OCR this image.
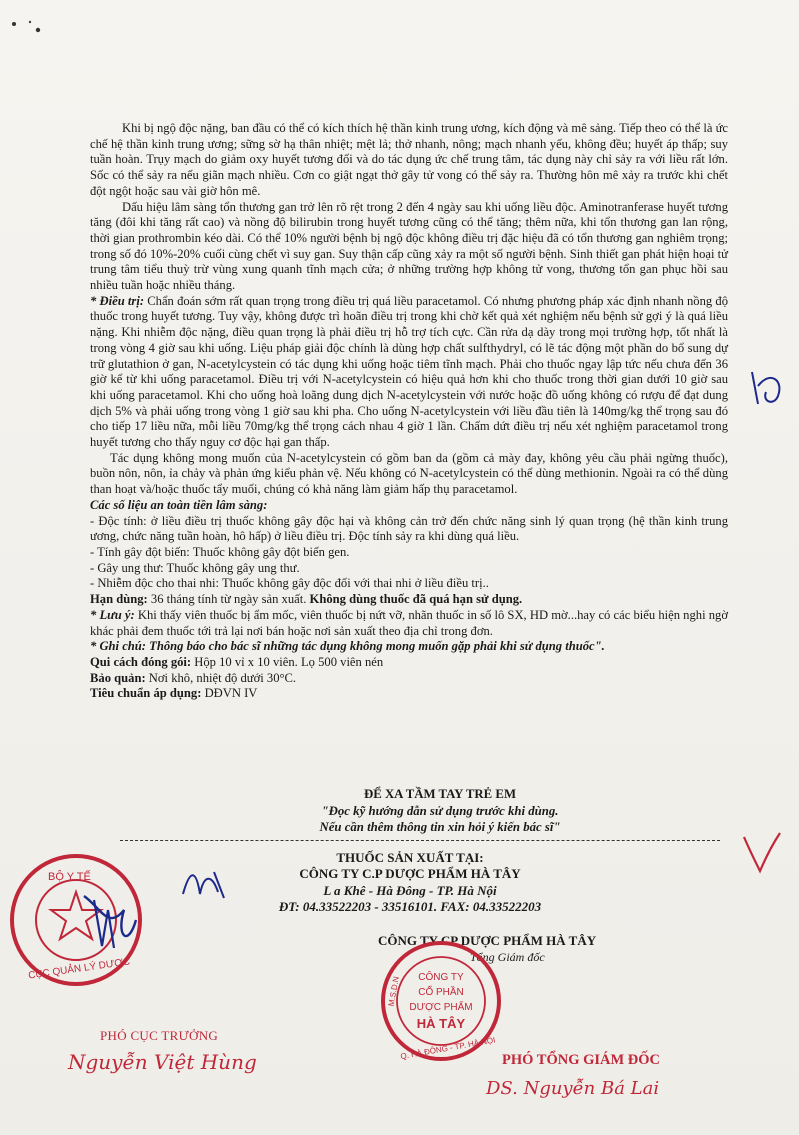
Khi bị ngộ độc nặng, ban đầu có thể có kích thích hệ thần kinh trung ương, kích động và mê sảng. Tiếp theo có thể là ức chế hệ thần kinh trung ương; sững sờ hạ thân nhiệt; mệt lả; thở nhanh, nông; mạch nhanh yếu, không đều; huyết áp thấp; suy tuần hoàn. Trụy mạch do giảm oxy huyết tương đối và do tác dụng ức chế trung tâm, tác dụng này chỉ sảy ra với liều rất lớn. Sốc có thể sảy ra nếu giãn mạch nhiều. Cơn co giật ngạt thở gây tử vong có thể sảy ra. Thường hôn mê xảy ra trước khi chết đột ngột hoặc sau vài giờ hôn mê.

Dấu hiệu lâm sàng tổn thương gan trở lên rõ rệt trong 2 đến 4 ngày sau khi uống liều độc. Aminotranferase huyết tương tăng (đôi khi tăng rất cao) và nồng độ bilirubin trong huyết tương cũng có thể tăng; thêm nữa, khi tổn thương gan lan rộng, thời gian prothrombin kéo dài. Có thể 10% người bệnh bị ngộ độc không điều trị đặc hiệu đã có tổn thương gan nghiêm trọng; trong số đó 10%-20% cuối cùng chết vì suy gan. Suy thận cấp cũng xảy ra một số người bệnh. Sinh thiết gan phát hiện hoại tử trung tâm tiểu thuỳ trừ vùng xung quanh tĩnh mạch cửa; ở những trường hợp không tử vong, thương tổn gan phục hồi sau nhiều tuần hoặc nhiều tháng.

* Điều trị: Chẩn đoán sớm rất quan trọng trong điều trị quá liều paracetamol. Có nhưng phương pháp xác định nhanh nồng độ thuốc trong huyết tương. Tuy vậy, không được trì hoãn điều trị trong khi chờ kết quả xét nghiệm nếu bệnh sử gợi ý là quá liều nặng. Khi nhiễm độc nặng, điều quan trọng là phải điều trị hỗ trợ tích cực. Cần rửa dạ dày trong mọi trường hợp, tốt nhất là trong vòng 4 giờ sau khi uống. Liệu pháp giải độc chính là dùng hợp chất sulfthydryl, có lẽ tác động một phần do bổ sung dự trữ glutathion ở gan, N-acetylcystein có tác dụng khi uống hoặc tiêm tĩnh mạch. Phải cho thuốc ngay lập tức nếu chưa đến 36 giờ kể từ khi uống paracetamol. Điều trị với N-acetylcystein có hiệu quả hơn khi cho thuốc trong thời gian dưới 10 giờ sau khi uống paracetamol. Khi cho uống hoà loãng dung dịch N-acetylcystein với nước hoặc đồ uống không có rượu để đạt dung dịch 5% và phải uống trong vòng 1 giờ sau khi pha. Cho uống N-acetylcystein với liều đầu tiên là 140mg/kg thể trọng sau đó cho tiếp 17 liều nữa, mỗi liều 70mg/kg thể trọng cách nhau 4 giờ 1 lần. Chấm dứt điều trị nếu xét nghiệm paracetamol trong huyết tương cho thấy nguy cơ độc hại gan thấp.

Tác dụng không mong muốn của N-acetylcystein có gồm ban da (gồm cả mày đay, không yêu cầu phải ngừng thuốc), buồn nôn, nôn, ỉa chảy và phản ứng kiểu phản vệ. Nếu không có N-acetylcystein có thể dùng methionin. Ngoài ra có thể dùng than hoạt và/hoặc thuốc tẩy muối, chúng có khả năng làm giảm hấp thụ paracetamol.

Các số liệu an toàn tiền lâm sàng:

- Độc tính: ở liều điều trị thuốc không gây độc hại và không cản trở đến chức năng sinh lý quan trọng (hệ thần kinh trung ương, chức năng tuần hoàn, hô hấp) ở liều điều trị. Độc tính sảy ra khi dùng quá liều.

- Tính gây đột biến: Thuốc không gây đột biến gen.

- Gây ung thư: Thuốc không gây ung thư.

- Nhiễm độc cho thai nhi: Thuốc không gây độc đối với thai nhi ở liều điều trị..

Hạn dùng: 36 tháng tính từ ngày sản xuất. Không dùng thuốc đã quá hạn sử dụng.

* Lưu ý: Khi thấy viên thuốc bị ẩm mốc, viên thuốc bị nứt vỡ, nhãn thuốc in số lô SX, HD mờ...hay có các biểu hiện nghi ngờ khác phải đem thuốc tới trả lại nơi bán hoặc nơi sản xuất theo địa chỉ trong đơn.

* Ghi chú: Thông báo cho bác sĩ những tác dụng không mong muốn gặp phải khi sử dụng thuốc".

Qui cách đóng gói: Hộp 10 vỉ x 10 viên. Lọ 500 viên nén

Bảo quản: Nơi khô, nhiệt độ dưới 30°C.

Tiêu chuẩn áp dụng: DĐVN IV

ĐỂ XA TẦM TAY TRẺ EM
"Đọc kỹ hướng dẫn sử dụng trước khi dùng.
Nếu cần thêm thông tin xin hỏi ý kiến bác sĩ"
THUỐC SẢN XUẤT TẠI:
CÔNG TY C.P DƯỢC PHẨM HÀ TÂY
L a Khê - Hà Đông - TP. Hà Nội
ĐT: 04.33522203 - 33516101. FAX: 04.33522203
CÔNG TY CP DƯỢC PHẨM HÀ TÂY
Tổng Giám đốc
BỘ Y TẾ
CỤC QUẢN LÝ DƯỢC	CÔNG TY
CỔ PHẦN
DƯỢC PHẨM
HÀ TÂY
M.S.D.N
Q. HÀ ĐÔNG - TP. HÀ NỘI
PHÓ CỤC TRƯỞNG
Nguyễn Việt Hùng	PHÓ TỔNG GIÁM ĐỐC
DS. Nguyễn Bá Lai
